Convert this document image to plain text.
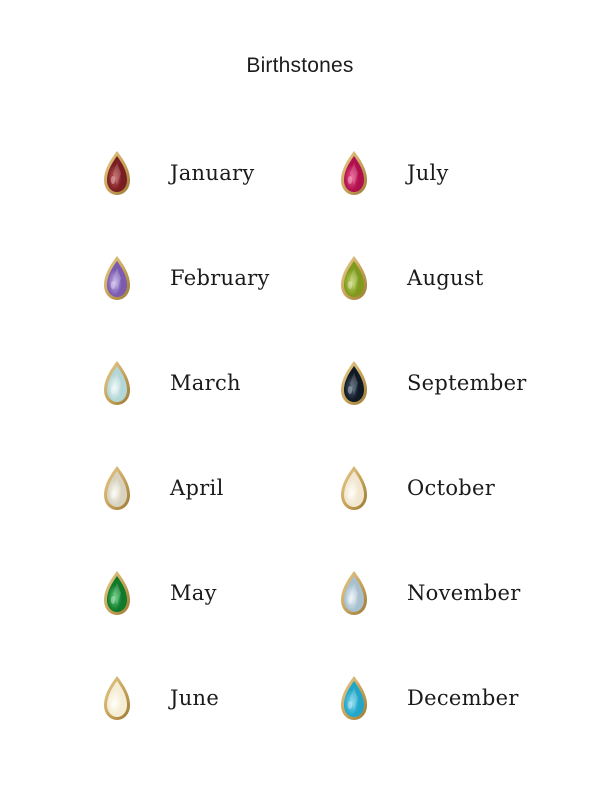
Birthstones
January	July
February	August
March	September
April	October
May	November
June	December
